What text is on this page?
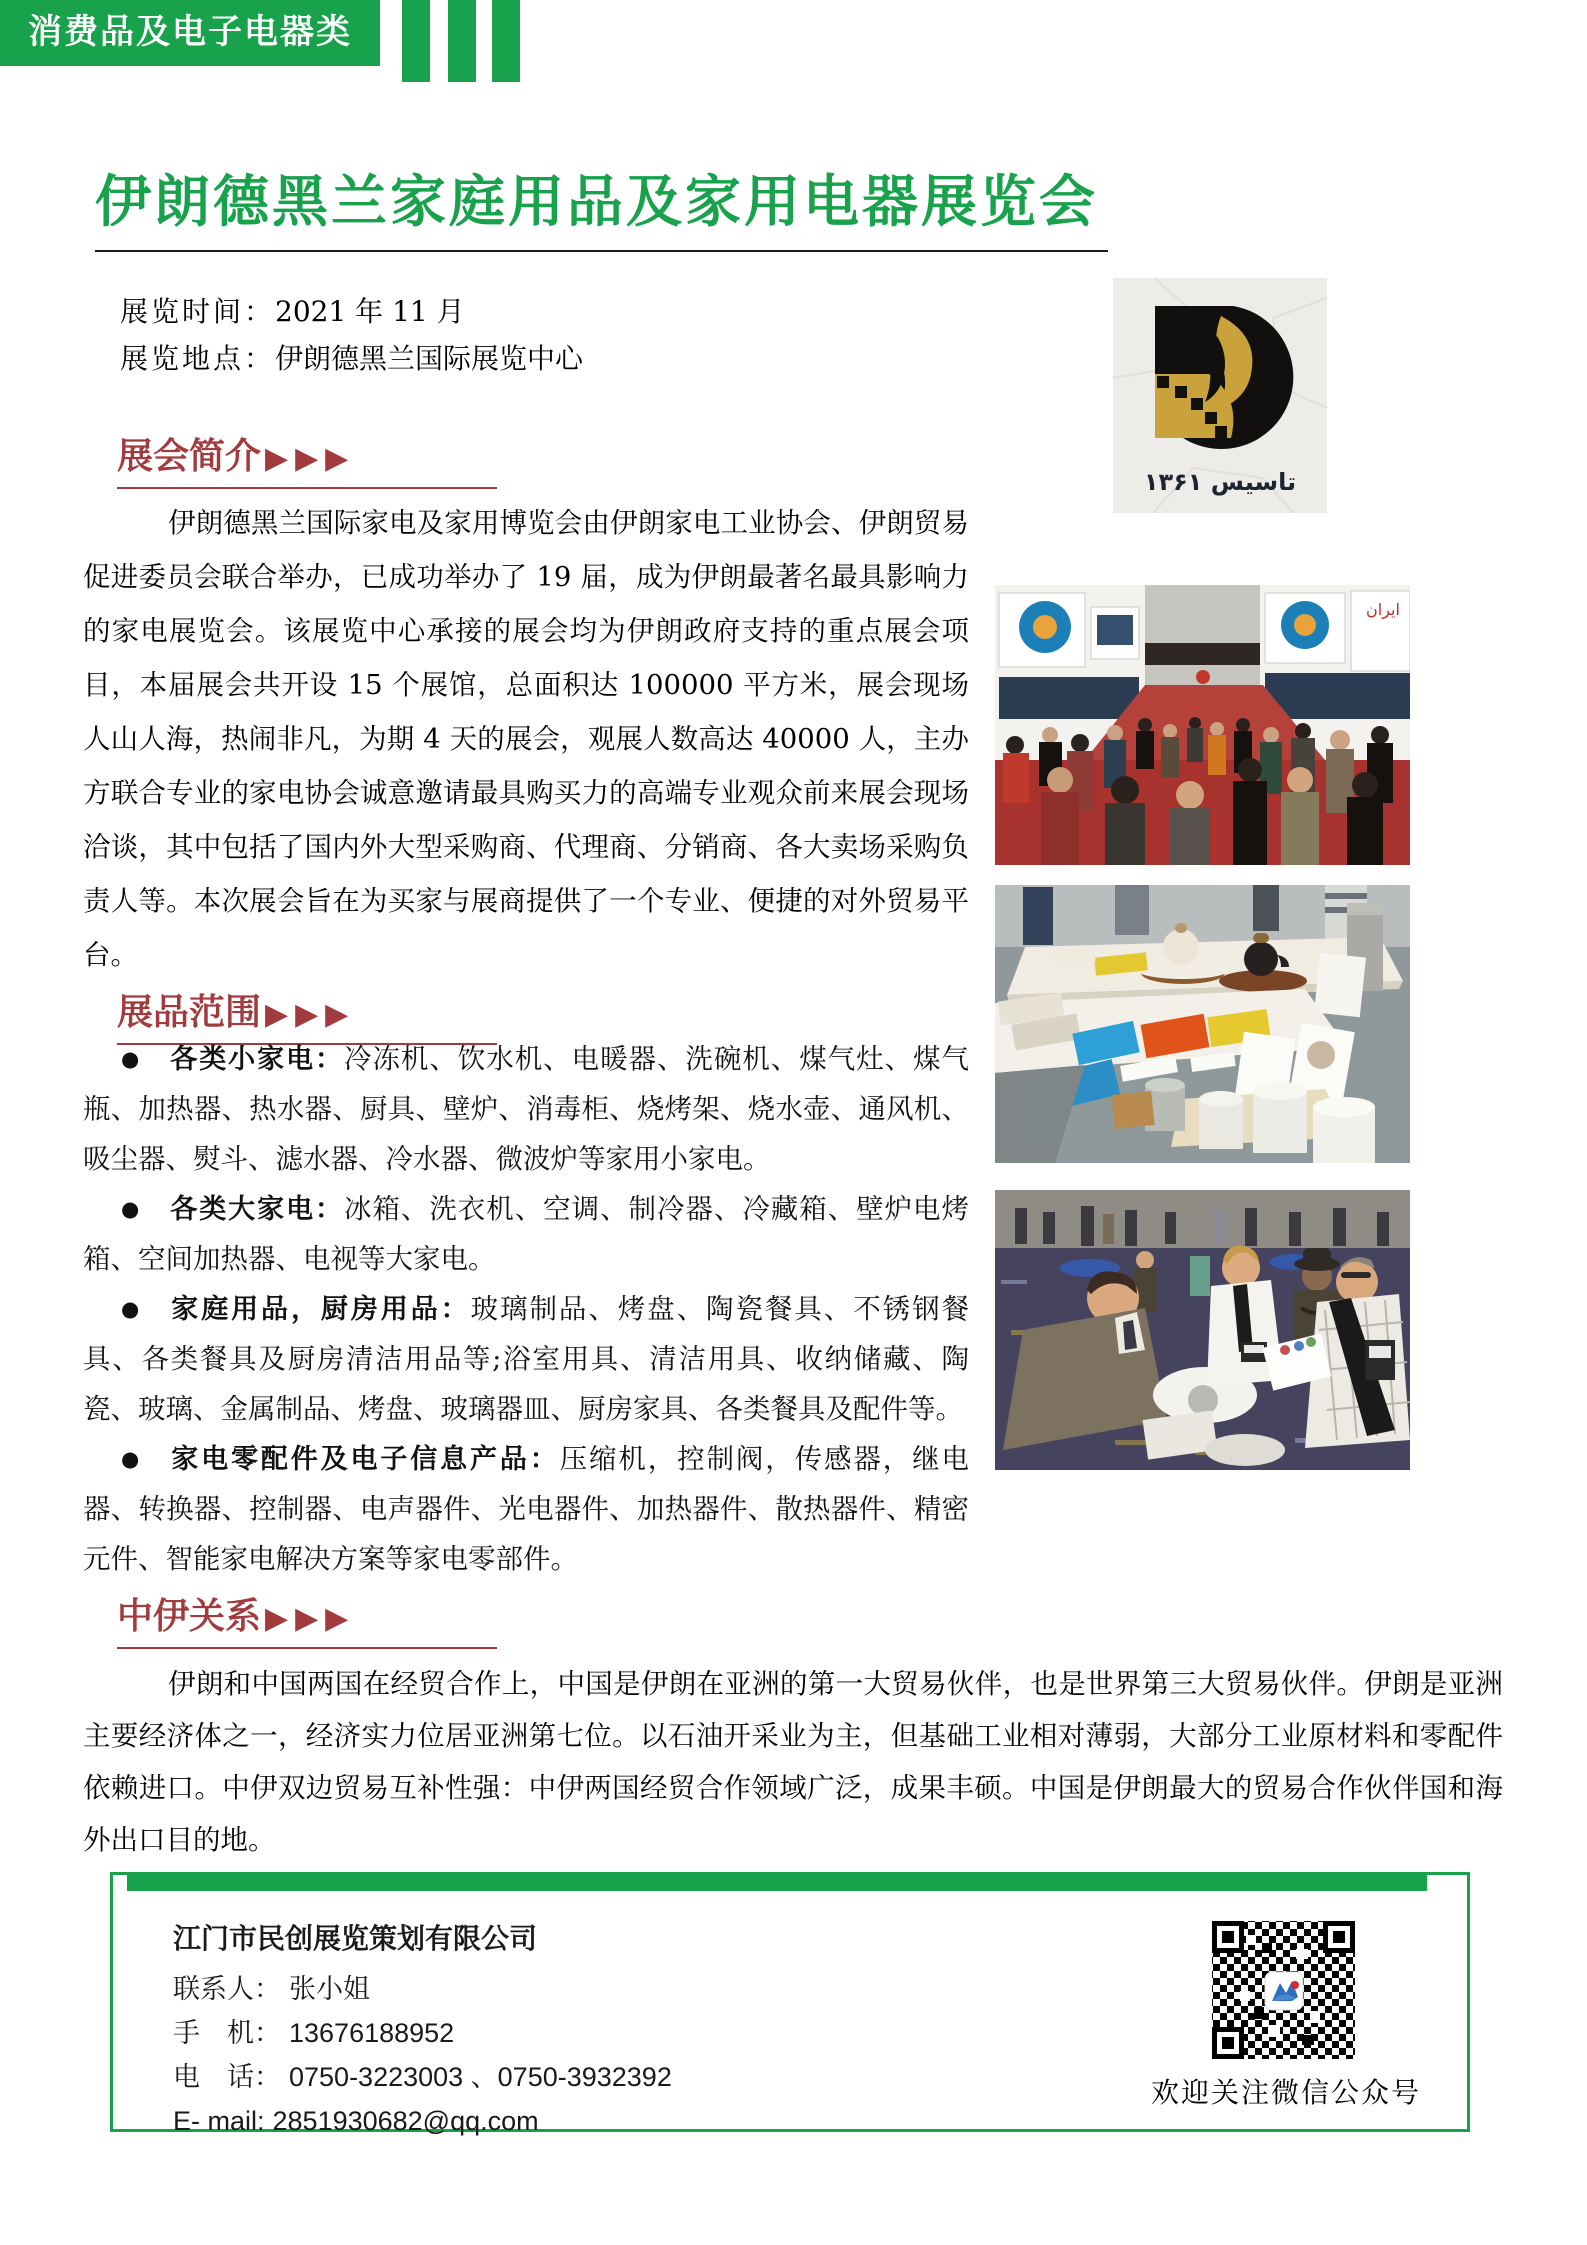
消费品及电子电器类
伊朗德黑兰家庭用品及家用电器展览会
展览时间：2021 年 11 月
展览地点：伊朗德黑兰国际展览中心
تاسیس ۱۳۶۱
展会简介 ▶▶▶
伊朗德黑兰国际家电及家用博览会由伊朗家电工业协会、伊朗贸易促进委员会联合举办，已成功举办了 19 届，成为伊朗最著名最具影响力的家电展览会。该展览中心承接的展会均为伊朗政府支持的重点展会项目，本届展会共开设 15 个展馆，总面积达 100000 平方米，展会现场人山人海，热闹非凡，为期 4 天的展会，观展人数高达 40000 人，主办方联合专业的家电协会诚意邀请最具购买力的高端专业观众前来展会现场洽谈，其中包括了国内外大型采购商、代理商、分销商、各大卖场采购负责人等。本次展会旨在为买家与展商提供了一个专业、便捷的对外贸易平台。
ايران
展品范围 ▶▶▶

● 各类小家电：冷冻机、饮水机、电暖器、洗碗机、煤气灶、煤气瓶、加热器、热水器、厨具、壁炉、消毒柜、烧烤架、烧水壶、通风机、吸尘器、熨斗、滤水器、冷水器、微波炉等家用小家电。

● 各类大家电：冰箱、洗衣机、空调、制冷器、冷藏箱、壁炉电烤箱、空间加热器、电视等大家电。

● 家庭用品，厨房用品：玻璃制品、烤盘、陶瓷餐具、不锈钢餐具、各类餐具及厨房清洁用品等;浴室用具、清洁用具、收纳储藏、陶瓷、玻璃、金属制品、烤盘、玻璃器皿、厨房家具、各类餐具及配件等。

● 家电零配件及电子信息产品：压缩机，控制阀，传感器，继电器、转换器、控制器、电声器件、光电器件、加热器件、散热器件、精密元件、智能家电解决方案等家电零部件。

中伊关系 ▶▶▶
伊朗和中国两国在经贸合作上，中国是伊朗在亚洲的第一大贸易伙伴，也是世界第三大贸易伙伴。伊朗是亚洲主要经济体之一，经济实力位居亚洲第七位。以石油开采业为主，但基础工业相对薄弱，大部分工业原材料和零配件依赖进口。中伊双边贸易互补性强：中伊两国经贸合作领域广泛，成果丰硕。中国是伊朗最大的贸易合作伙伴国和海外出口目的地。
江门市民创展览策划有限公司
联系人： 张小姐
手　机： 13676188952
电　话： 0750-3223003 、0750-3932392
E- mail: 2851930682@qq.com
欢迎关注微信公众号
